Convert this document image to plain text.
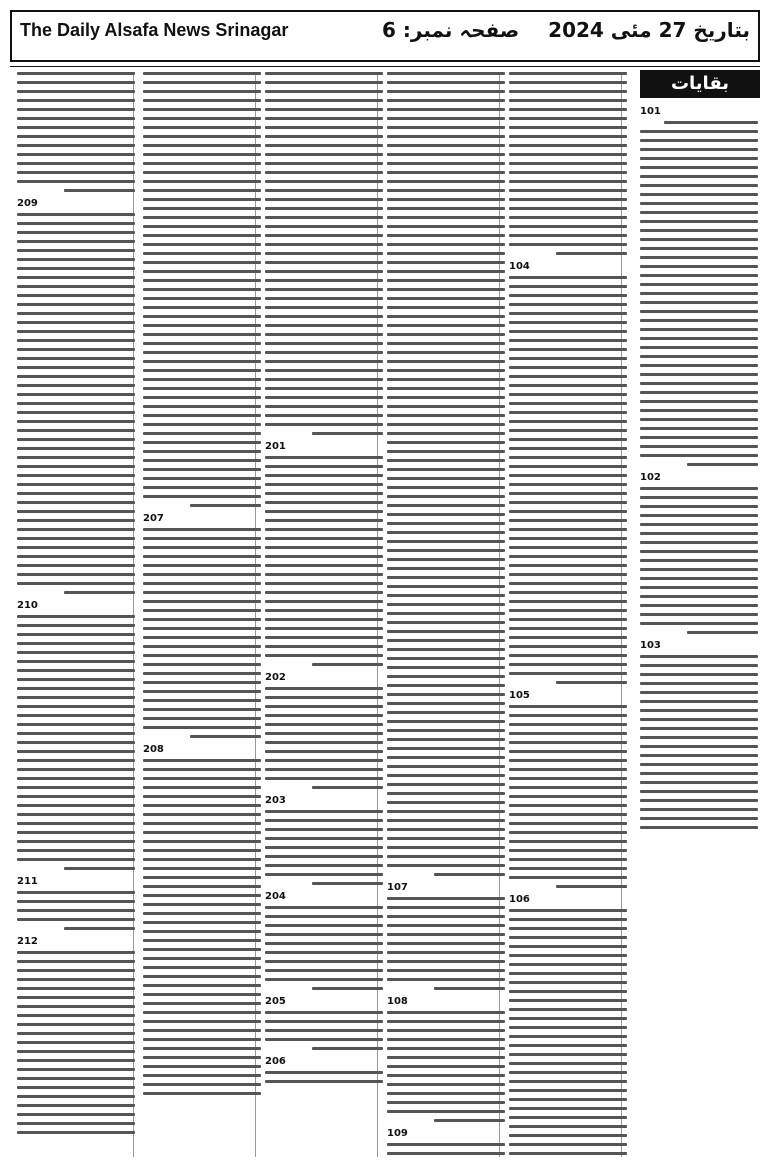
The Daily Alsafa News Srinagar	صفحہ نمبر: 6 بتاریخ 27 مئی 2024
بقایات
101
102
103
104
105
106
107
108
109
201
202
203
204
205
206
207
208
209
210
211
212
